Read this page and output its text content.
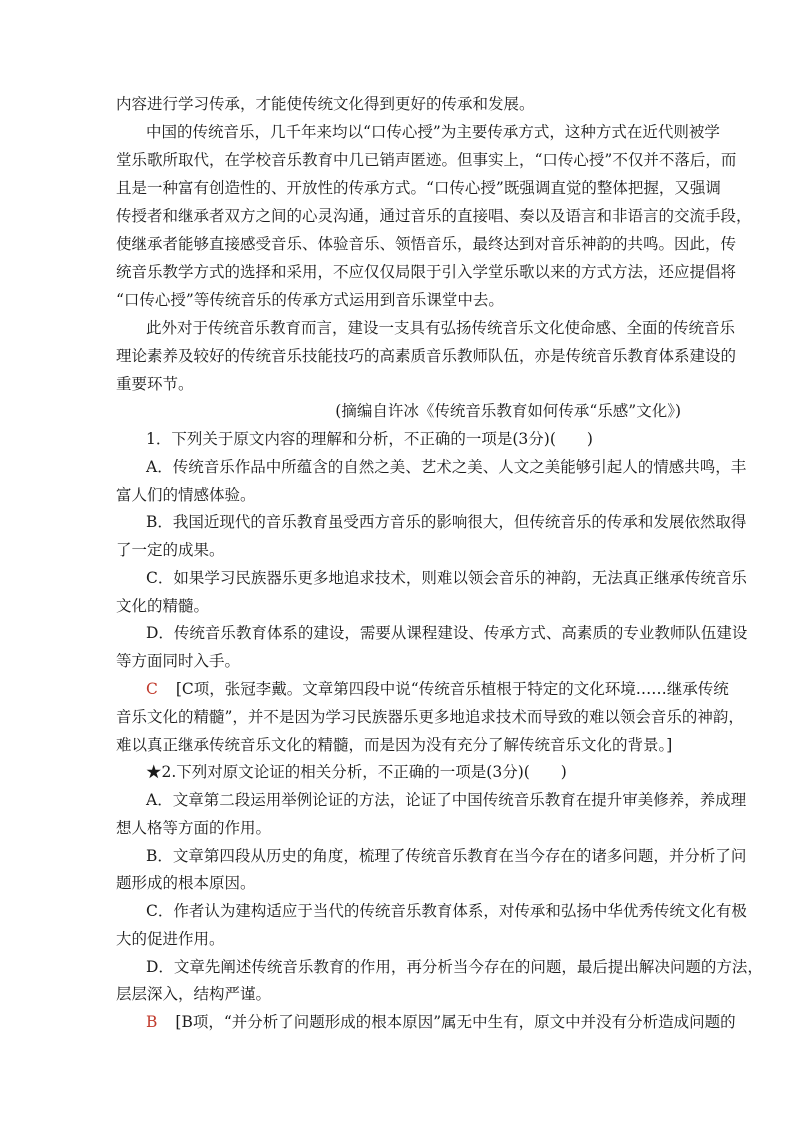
内容进行学习传承，才能使传统文化得到更好的传承和发展。
中国的传统音乐，几千年来均以“口传心授”为主要传承方式，这种方式在近代则被学
堂乐歌所取代，在学校音乐教育中几已销声匿迹。但事实上，“口传心授”不仅并不落后，而
且是一种富有创造性的、开放性的传承方式。“口传心授”既强调直觉的整体把握，又强调
传授者和继承者双方之间的心灵沟通，通过音乐的直接唱、奏以及语言和非语言的交流手段，
使继承者能够直接感受音乐、体验音乐、领悟音乐，最终达到对音乐神韵的共鸣。因此，传
统音乐教学方式的选择和采用，不应仅仅局限于引入学堂乐歌以来的方式方法，还应提倡将
“口传心授”等传统音乐的传承方式运用到音乐课堂中去。
此外对于传统音乐教育而言，建设一支具有弘扬传统音乐文化使命感、全面的传统音乐
理论素养及较好的传统音乐技能技巧的高素质音乐教师队伍，亦是传统音乐教育体系建设的
重要环节。
(摘编自许冰《传统音乐教育如何传承“乐感”文化》)
1．下列关于原文内容的理解和分析，不正确的一项是(3分)(　　)
A．传统音乐作品中所蕴含的自然之美、艺术之美、人文之美能够引起人的情感共鸣，丰
富人们的情感体验。
B．我国近现代的音乐教育虽受西方音乐的影响很大，但传统音乐的传承和发展依然取得
了一定的成果。
C．如果学习民族器乐更多地追求技术，则难以领会音乐的神韵，无法真正继承传统音乐
文化的精髓。
D．传统音乐教育体系的建设，需要从课程建设、传承方式、高素质的专业教师队伍建设
等方面同时入手。
C [C项，张冠李戴。文章第四段中说“传统音乐植根于特定的文化环境……继承传统
音乐文化的精髓”，并不是因为学习民族器乐更多地追求技术而导致的难以领会音乐的神韵，
难以真正继承传统音乐文化的精髓，而是因为没有充分了解传统音乐文化的背景。]
★2.下列对原文论证的相关分析，不正确的一项是(3分)(　　)
A．文章第二段运用举例论证的方法，论证了中国传统音乐教育在提升审美修养，养成理
想人格等方面的作用。
B．文章第四段从历史的角度，梳理了传统音乐教育在当今存在的诸多问题，并分析了问
题形成的根本原因。
C．作者认为建构适应于当代的传统音乐教育体系，对传承和弘扬中华优秀传统文化有极
大的促进作用。
D．文章先阐述传统音乐教育的作用，再分析当今存在的问题，最后提出解决问题的方法，
层层深入，结构严谨。
B [B项，“并分析了问题形成的根本原因”属无中生有，原文中并没有分析造成问题的
